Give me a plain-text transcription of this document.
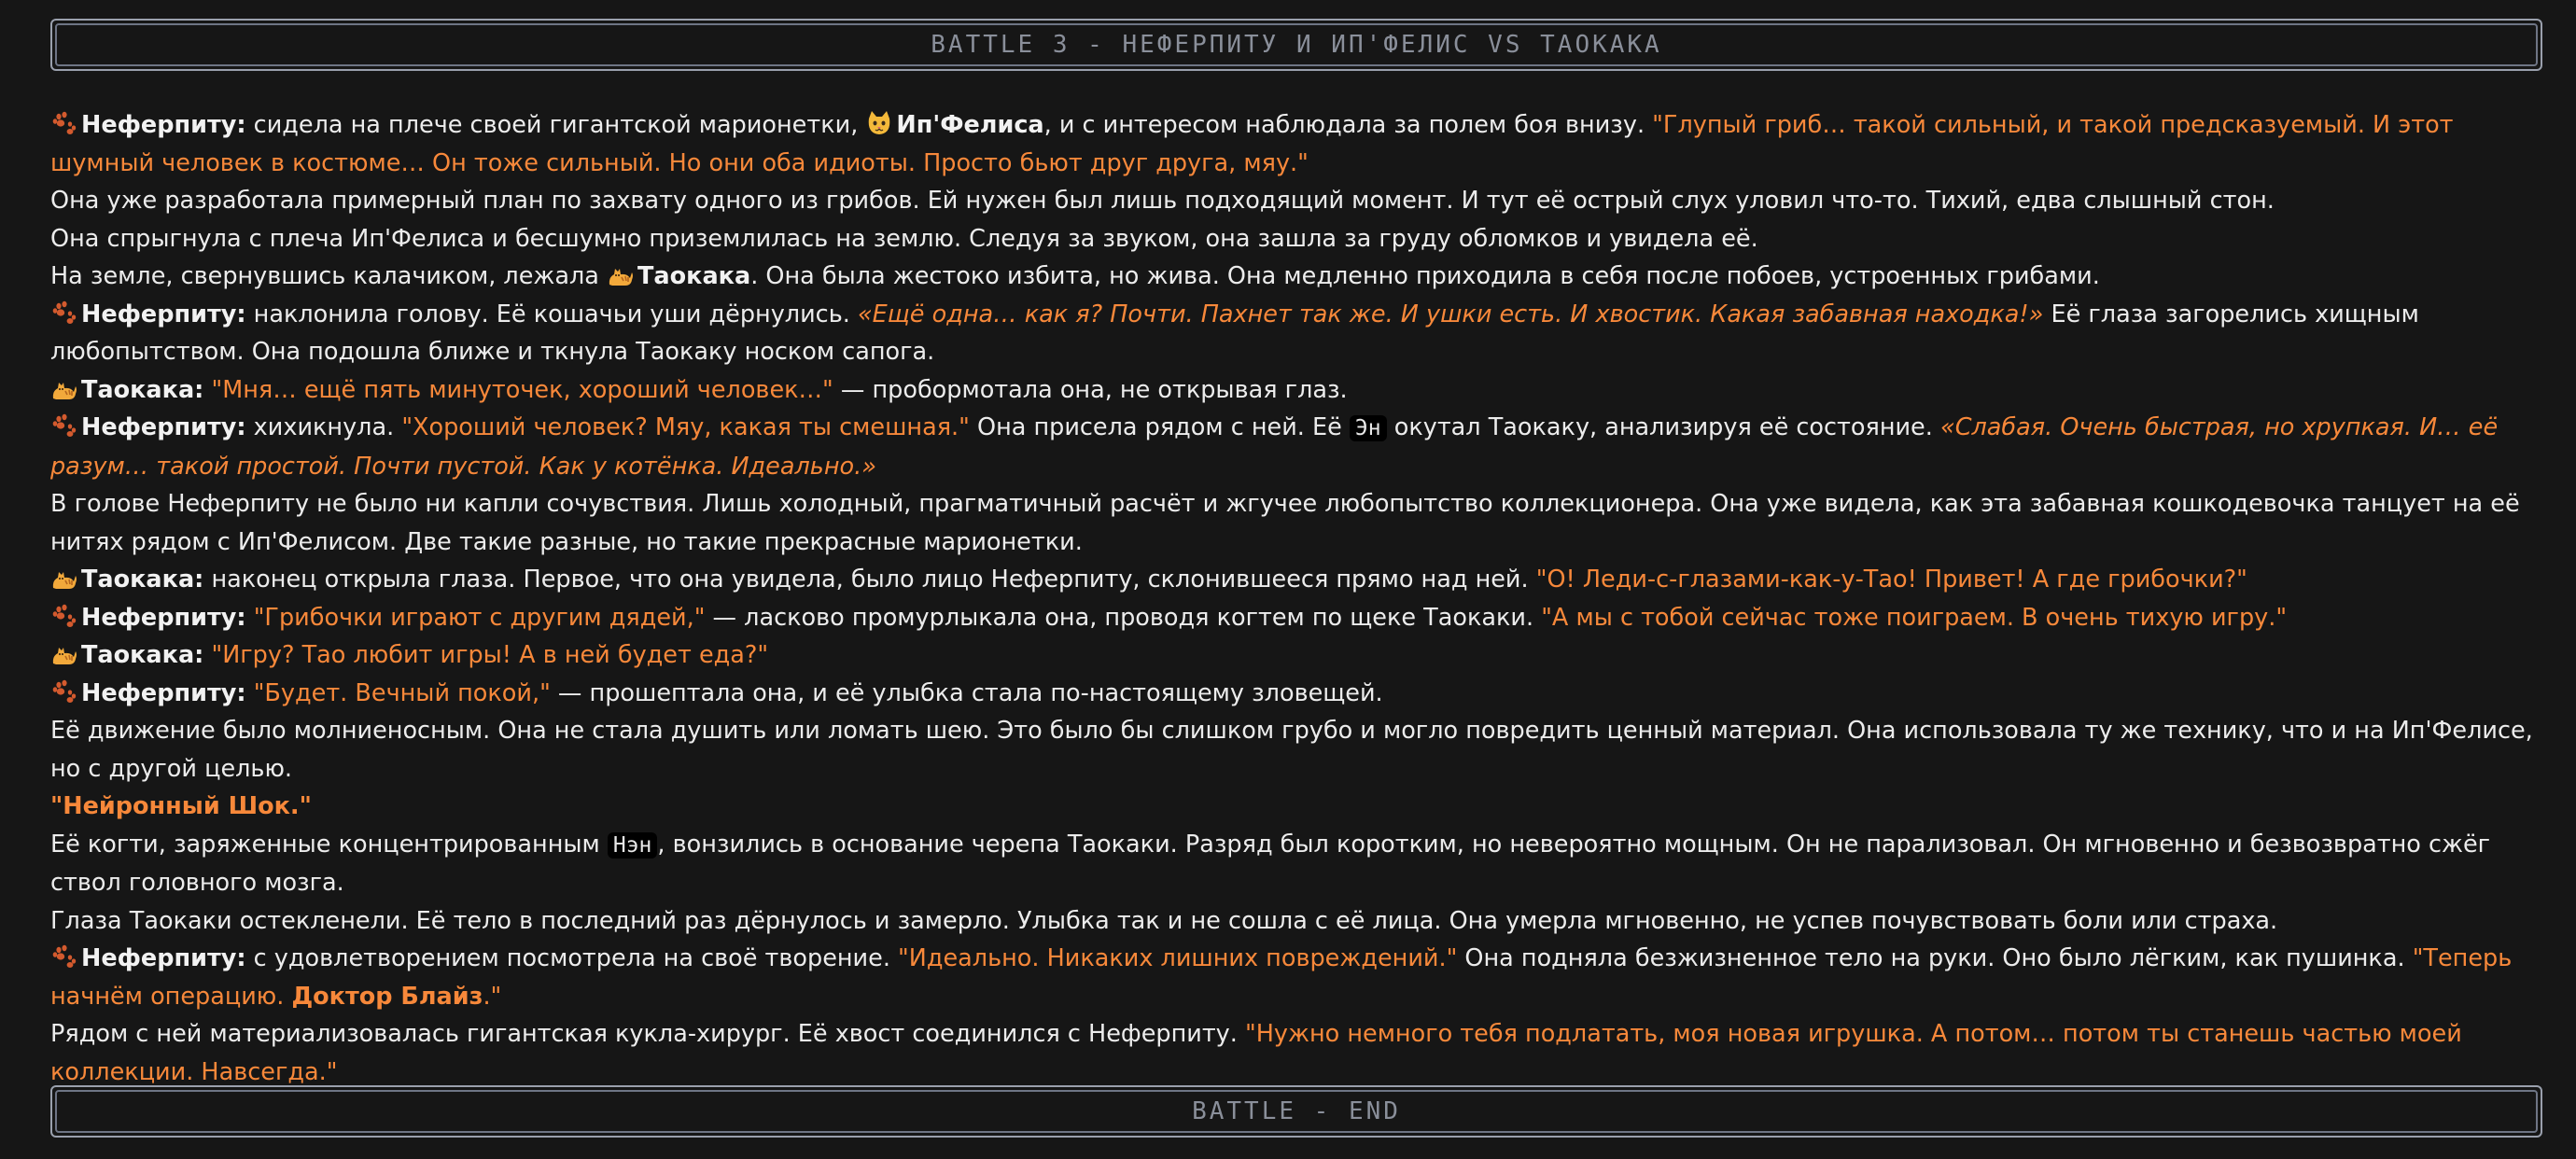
BATTLE 3 - НЕФЕРПИТУ И ИП'ФЕЛИС VS ТАОКАКА

Неферпиту: сидела на плече своей гигантской марионетки,
Ип'Фелиса, и с интересом наблюдала за полем боя внизу. "Глупый гриб… такой сильный, и такой предсказуемый. И этот шумный человек в костюме… Он тоже сильный. Но они оба идиоты. Просто бьют друг друга, мяу."

Она уже разработала примерный план по захвату одного из грибов. Ей нужен был лишь подходящий момент. И тут её острый слух уловил что-то. Тихий, едва слышный стон.

Она спрыгнула с плеча Ип'Фелиса и бесшумно приземлилась на землю. Следуя за звуком, она зашла за груду обломков и увидела её.

На земле, свернувшись калачиком, лежала
Таокака. Она была жестоко избита, но жива. Она медленно приходила в себя после побоев, устроенных грибами.

Неферпиту: наклонила голову. Её кошачьи уши дёрнулись. «Ещё одна… как я? Почти. Пахнет так же. И ушки есть. И хвостик. Какая забавная находка!» Её глаза загорелись хищным любопытством. Она подошла ближе и ткнула Таокаку носком сапога.

Таокака: "Мня… ещё пять минуточек, хороший человек…" — пробормотала она, не открывая глаз.

Неферпиту: хихикнула. "Хороший человек? Мяу, какая ты смешная." Она присела рядом с ней. Её Эн окутал Таокаку, анализируя её состояние. «Слабая. Очень быстрая, но хрупкая. И… её разум… такой простой. Почти пустой. Как у котёнка. Идеально.»

В голове Неферпиту не было ни капли сочувствия. Лишь холодный, прагматичный расчёт и жгучее любопытство коллекционера. Она уже видела, как эта забавная кошкодевочка танцует на её нитях рядом с Ип'Фелисом. Две такие разные, но такие прекрасные марионетки.

Таокака: наконец открыла глаза. Первое, что она увидела, было лицо Неферпиту, склонившееся прямо над ней. "О! Леди-с-глазами-как-у-Тао! Привет! А где грибочки?"

Неферпиту: "Грибочки играют с другим дядей," — ласково промурлыкала она, проводя когтем по щеке Таокаки. "А мы с тобой сейчас тоже поиграем. В очень тихую игру."

Таокака: "Игру? Тао любит игры! А в ней будет еда?"

Неферпиту: "Будет. Вечный покой," — прошептала она, и её улыбка стала по-настоящему зловещей.

Её движение было молниеносным. Она не стала душить или ломать шею. Это было бы слишком грубо и могло повредить ценный материал. Она использовала ту же технику, что и на Ип'Фелисе, но с другой целью.

"Нейронный Шок."

Её когти, заряженные концентрированным Нэн , вонзились в основание черепа Таокаки. Разряд был коротким, но невероятно мощным. Он не парализовал. Он мгновенно и безвозвратно сжёг ствол головного мозга.

Глаза Таокаки остекленели. Её тело в последний раз дёрнулось и замерло. Улыбка так и не сошла с её лица. Она умерла мгновенно, не успев почувствовать боли или страха.

Неферпиту: с удовлетворением посмотрела на своё творение. "Идеально. Никаких лишних повреждений." Она подняла безжизненное тело на руки. Оно было лёгким, как пушинка. "Теперь начнём операцию. Доктор Блайз."

Рядом с ней материализовалась гигантская кукла-хирург. Её хвост соединился с Неферпиту. "Нужно немного тебя подлатать, моя новая игрушка. А потом… потом ты станешь частью моей коллекции. Навсегда."

BATTLE - END
